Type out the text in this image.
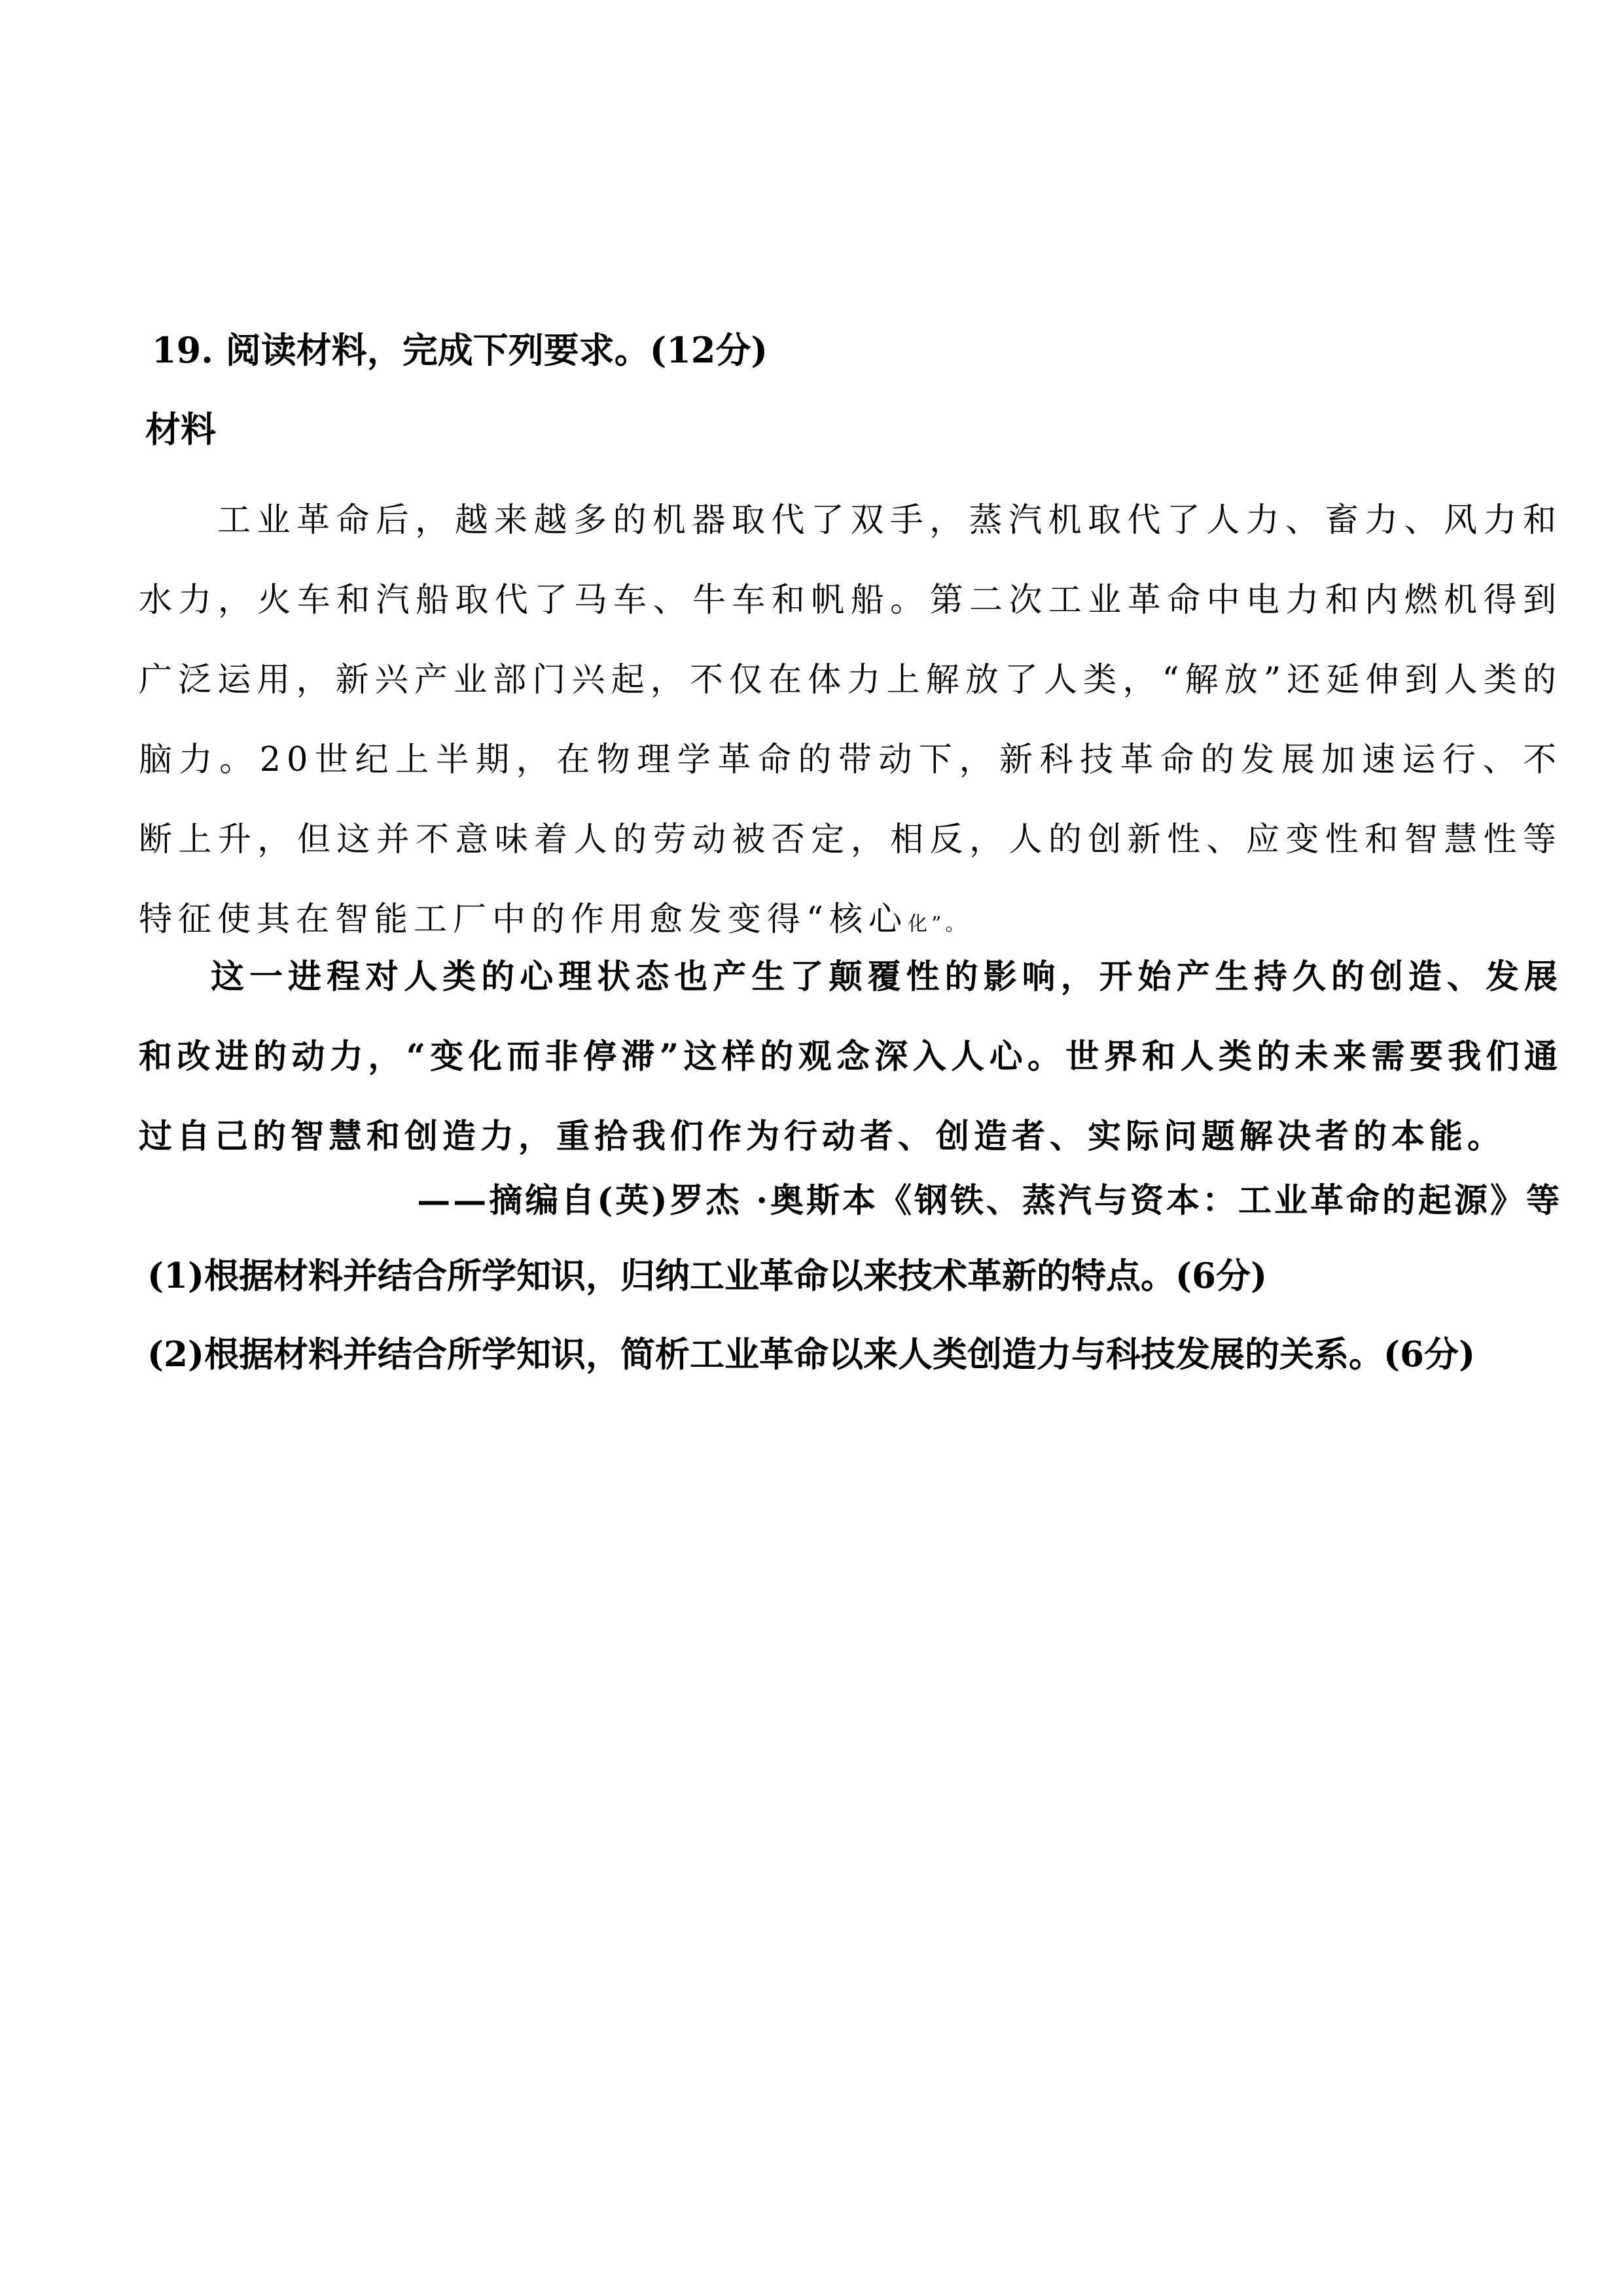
19. 阅读材料，完成下列要求。(12分)
材料

工业革命后，越来越多的机器取代了双手，蒸汽机取代了人力、畜力、风力和水力，火车和汽船取代了马车、牛车和帆船。第二次工业革命中电力和内燃机得到广泛运用，新兴产业部门兴起，不仅在体力上解放了人类，“解放”还延伸到人类的脑力。20世纪上半期，在物理学革命的带动下，新科技革命的发展加速运行、不断上升，但这并不意味着人的劳动被否定，相反，人的创新性、应变性和智慧性等特征使其在智能工厂中的作用愈发变得“核心化”。

这一进程对人类的心理状态也产生了颠覆性的影响，开始产生持久的创造、发展和改进的动力，“变化而非停滞”这样的观念深入人心。世界和人类的未来需要我们通过自己的智慧和创造力，重拾我们作为行动者、创造者、实际问题解决者的本能。

——摘编自(英)罗杰 ·奥斯本《钢铁、蒸汽与资本：工业革命的起源》等
(1)根据材料并结合所学知识，归纳工业革命以来技术革新的特点。(6分)
(2)根据材料并结合所学知识，简析工业革命以来人类创造力与科技发展的关系。(6分)
